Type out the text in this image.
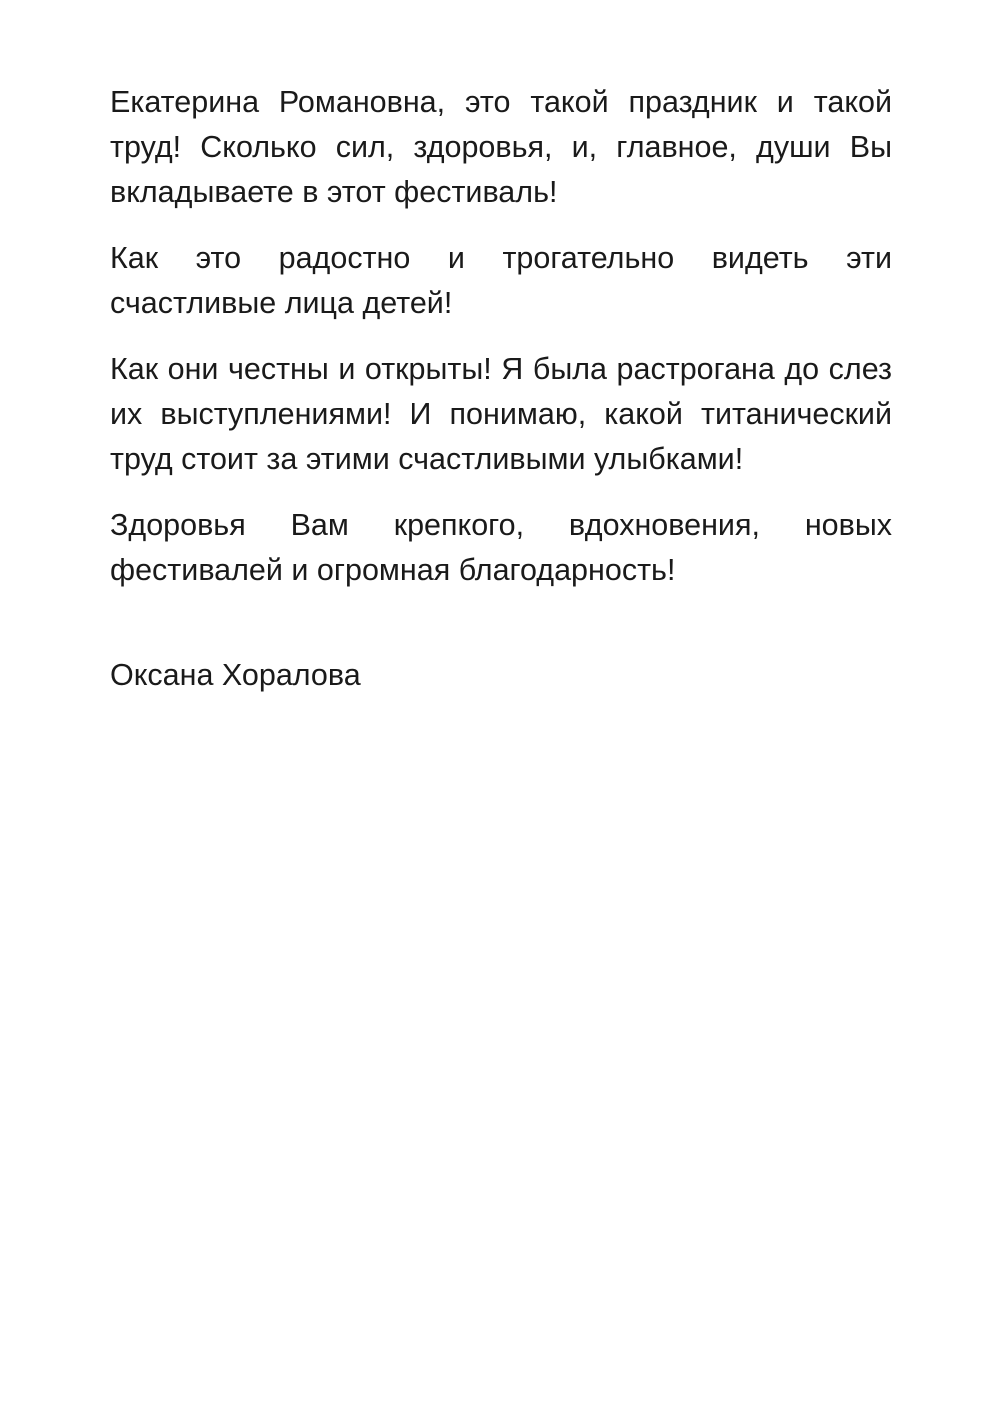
Екатерина Романовна, это такой праздник и такой труд! Сколько сил, здоровья, и, главное, души Вы вкладываете в этот фестиваль!

Как это радостно и трогательно видеть эти счастливые лица детей!

Как они честны и открыты! Я была растрогана до слез их выступлениями! И понимаю, какой титанический труд стоит за этими счастливыми улыбками!

Здоровья Вам крепкого, вдохновения, новых фестивалей и огромная благодарность!

Оксана Хоралова
